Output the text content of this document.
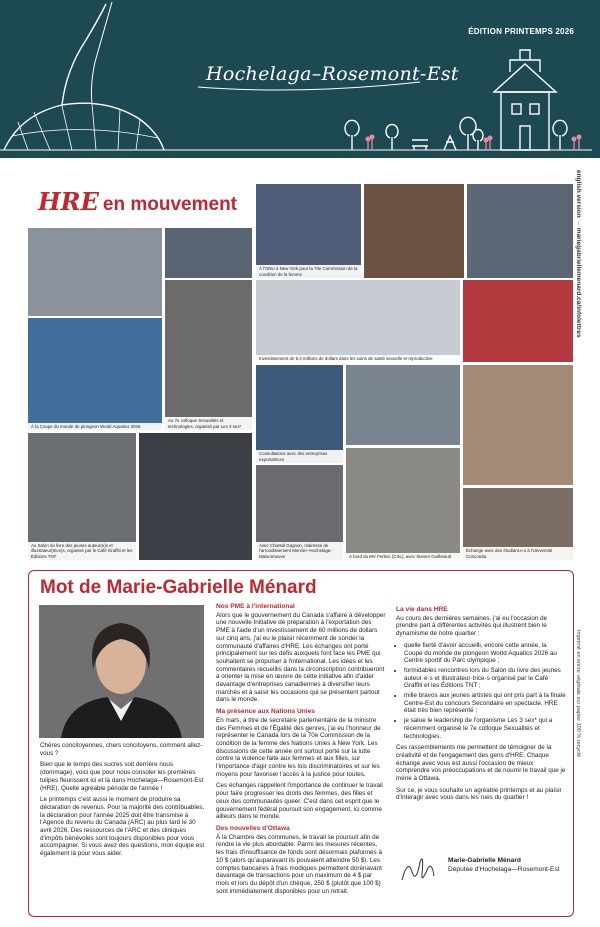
ÉDITION PRINTEMPS 2026
Hochelaga–Rosemont-Est
english version → mariegabriellemenard.ca/infolettres
Imprimé en encre végétale sur papier 100 % recyclé
HRE en mouvement
À la Coupe du monde de plongeon World Aquatics 2026
Au 7e colloque Sexualités et technologies, organisé par Les 3 sex*
À l'ONU à New York pour la 70e Commission de la condition de la femme
Investissement de 5,4 millions de dollars dans les soins de santé sexuelle et reproductive
Consultations avec des entreprises exportatrices
Au Salon du livre des jeunes auteur(e)s et illustrateur(trice)s, organisé par le Café Graffiti et les Éditions TNT
Avec Chantal Gagnon, mairesse de l'arrondissement Mercier–Hochelaga-Maisonneuve	À bord du MV Ferbec (CSL), avec Steven Guilbeault
Échange avec des étudiant.e.s à l'Université Concordia
Mot de Marie-Gabrielle Ménard

Chères concitoyennes, chers concitoyens, comment allez-vous ?

Bien que le temps des sucres soit derrière nous (dommage), voici que pour nous consoler les premières tulipes fleurissent ici et là dans Hochelaga—Rosemont-Est (HRE). Quelle agréable période de l'année !

Le printemps c'est aussi le moment de produire sa déclaration de revenus. Pour la majorité des contribuables, la déclaration pour l'année 2025 doit être transmise à l'Agence du revenu du Canada (ARC) au plus tard le 30 avril 2026. Des ressources de l'ARC et des cliniques d'impôts bénévoles sont toujours disponibles pour vous accompagner. Si vous avez des questions, mon équipe est également là pour vous aider.

Nos PME à l'international

Alors que le gouvernement du Canada s'affaire à développer une nouvelle Initiative de préparation à l'exportation des PME à l'aide d'un investissement de 60 millions de dollars sur cinq ans, j'ai eu le plaisir récemment de sonder la communauté d'affaires d'HRE. Les échanges ont porté principalement sur les défis auxquels font face les PME qui souhaitent se propulser à l'international. Les idées et les commentaires recueillis dans la circonscription contribueront à orienter la mise en œuvre de cette initiative afin d'aider davantage d'entreprises canadiennes à diversifier leurs marchés et à saisir les occasions qui se présentent partout dans le monde.

Ma présence aux Nations Unies

En mars, à titre de secrétaire parlementaire de la ministre des Femmes et de l'Égalité des genres, j'ai eu l'honneur de représenter le Canada lors de la 70e Commission de la condition de la femme des Nations Unies à New York. Les discussions de cette année ont surtout porté sur la lutte contre la violence faite aux femmes et aux filles, sur l'importance d'agir contre les lois discriminatoires et sur les moyens pour favoriser l'accès à la justice pour toutes.

Ces échanges rappellent l'importance de continuer le travail pour faire progresser les droits des femmes, des filles et ceux des communautés queer. C'est dans cet esprit que le gouvernement fédéral poursuit son engagement, ici comme ailleurs dans le monde.

Des nouvelles d'Ottawa

À la Chambre des communes, le travail se poursuit afin de rendre la vie plus abordable. Parmi les mesures récentes, les frais d'insuffisance de fonds sont désormais plafonnés à 10 $ (alors qu'auparavant ils pouvaient atteindre 50 $). Les comptes bancaires à frais modiques permettent dorénavant davantage de transactions pour un maximum de 4 $ par mois et lors du dépôt d'un chèque, 250 $ (plutôt que 100 $) sont immédiatement disponibles pour un retrait.

La vie dans HRE

Au cours des dernières semaines, j'ai eu l'occasion de prendre part à différentes activités qui illustrent bien le dynamisme de notre quartier :

• quelle fierté d'avoir accueilli, encore cette année, la Coupe du monde de plongeon World Aquatics 2026 au Centre sportif du Parc olympique ;
• formidables rencontres lors du Salon du livre des jeunes auteur·e·s et illustrateur·trice·s organisé par le Café Graffiti et les Éditions TNT ;
• mille bravos aux jeunes artistes qui ont pris part à la finale Centre-Est du concours Secondaire en spectacle. HRE était très bien représenté ;
• je salue le leadership de l'organisme Les 3 sex* qui a récemment organisé le 7e colloque Sexualités et technologies.

Ces rassemblements me permettent de témoigner de la créativité et de l'engagement des gens d'HRE. Chaque échange avec vous est aussi l'occasion de mieux comprendre vos préoccupations et de nourrir le travail que je mène à Ottawa.

Sur ce, je vous souhaite un agréable printemps et au plaisir d'interagir avec vous dans les rues du quartier !

Marie-Gabrielle Ménard
Députée d'Hochelaga—Rosemont-Est
